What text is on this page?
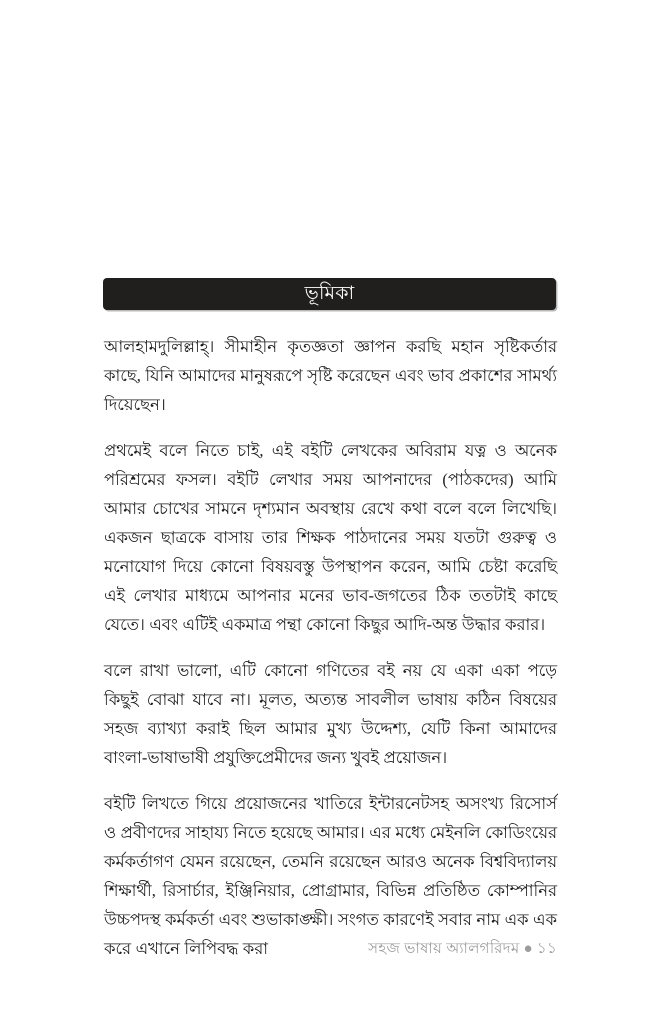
ভূমিকা

আলহামদুলিল্লাহ্‌। সীমাহীন কৃতজ্ঞতা জ্ঞাপন করছি মহান সৃষ্টিকর্তার কাছে, যিনি আমাদের মানুষরূপে সৃষ্টি করেছেন এবং ভাব প্রকাশের সামর্থ্য দিয়েছেন।

প্রথমেই বলে নিতে চাই, এই বইটি লেখকের অবিরাম যত্ন ও অনেক পরিশ্রমের ফসল। বইটি লেখার সময় আপনাদের (পাঠকদের) আমি আমার চোখের সামনে দৃশ্যমান অবস্থায় রেখে কথা বলে বলে লিখেছি। একজন ছাত্রকে বাসায় তার শিক্ষক পাঠদানের সময় যতটা গুরুত্ব ও মনোযোগ দিয়ে কোনো বিষয়বস্তু উপস্থাপন করেন, আমি চেষ্টা করেছি এই লেখার মাধ্যমে আপনার মনের ভাব-জগতের ঠিক ততটাই কাছে যেতে। এবং এটিই একমাত্র পন্থা কোনো কিছুর আদি-অন্ত উদ্ধার করার।

বলে রাখা ভালো, এটি কোনো গণিতের বই নয় যে একা একা পড়ে কিছুই বোঝা যাবে না। মূলত, অত্যন্ত সাবলীল ভাষায় কঠিন বিষয়ের সহজ ব্যাখ্যা করাই ছিল আমার মুখ্য উদ্দেশ্য, যেটি কিনা আমাদের বাংলা-ভাষাভাষী প্রযুক্তিপ্রেমীদের জন্য খুবই প্রয়োজন।

বইটি লিখতে গিয়ে প্রয়োজনের খাতিরে ইন্টারনেটসহ অসংখ্য রিসোর্স ও প্রবীণদের সাহায্য নিতে হয়েছে আমার। এর মধ্যে মেইনলি কোডিংয়ের কর্মকর্তাগণ যেমন রয়েছেন, তেমনি রয়েছেন আরও অনেক বিশ্ববিদ্যালয় শিক্ষার্থী, রিসার্চার, ইঞ্জিনিয়ার, প্রোগ্রামার, বিভিন্ন প্রতিষ্ঠিত কোম্পানির উচ্চপদস্থ কর্মকর্তা এবং শুভাকাঙ্ক্ষী। সংগত কারণেই সবার নাম এক এক করে এখানে লিপিবদ্ধ করা	সহজ ভাষায় অ্যালগরিদম ● ১১
